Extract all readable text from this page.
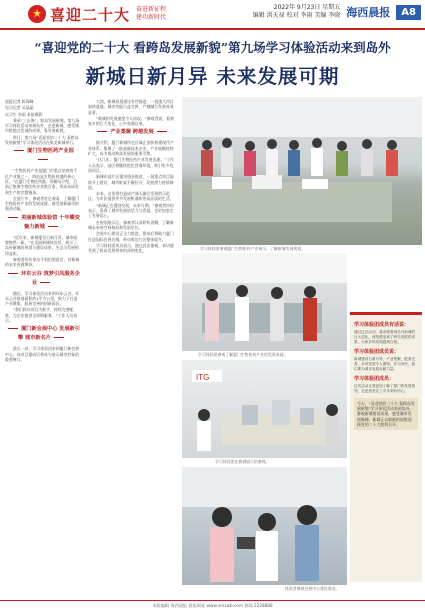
★ 喜迎二十大 奋进新征程
建功新时代
2022年 9月23日 星期五
编辑 洪天禄 校对 李雨 美编 李晓 海西晨报	A8
“喜迎党的二十大 看跨岛发展新貌”第九场学习体验活动来到岛外
新城日新月异 未来发展可期

晨报记者 陈海峰

见习记者 吴晶晶

实习生 李雨 本报摄影

秉承“三山海”，跨岛发展新貌。第九场学习体验活动来到岛外，走进新城，感受城市跨越式发展的成果，看发展新貌。

昨日，第九场“喜迎党的二十大 看跨岛发展新貌”学习体验活动在集美新城举行。

厦门生物医药产业园

“生物医药产业是厦门市重点培育的千亿产业链之一，海沧是生物医药港的核心区。”在厦门生物医药港，讲解员介绍，目前已集聚生物医药企业数百家，形成从研发到生产的完整链条。

在展厅中，参观者驻足观看，了解厦门生物医药产业的发展成就，感受创新驱动的强劲动能。

美丽新城体验馆 十年蝶变魅力新城

“近年来，新城建设日新月异，城市面貌焕然一新。”在美丽新城体验馆，展示了岛外新城的规划与建设成果，生态与发展相得益彰。

参观者纷纷拿出手机拍照留念，对新城的未来充满期待。

环东云谷 筑梦引凤服务企业

随后，学习体验活动来到环东云谷。环东云谷规划面积约1平方公里，致力于打造产业聚集、服务完善的创新园区。

“我们将以项目为抓手，持续完善配套，为企业提供全周期服务。”工作人员表示。

厦门新会展中心 发展新引擎 城市新名片

最后一站，学习体验团来到厦门新会展中心。该项目建成后将成为展示城市形象的重要窗口。

大湾。新城规划建设有序推进，一批重大项目加快落地，城市功能日益完善，产城融合发展成效显著。

“新城的发展速度令人惊叹。”参观者说，看到家乡的巨大变化，心中充满自豪。

产业集聚 跨越发展

据介绍，厦门新城所在区域正加快构建现代产业体系，集聚了一批高新技术企业，产业规模持续扩大，成为推动跨岛发展的重要引擎。

“这几年，厦门生物医药产业发展迅速。”工作人员表示，园区将继续优化营商环境，吸引更多优质项目。

新城东部片区建设稳步推进，一批重点项目陆续开工建设，城市框架不断拉开，发展潜力持续释放。

未来，这里将打造成产城人融合发展的示范区，为市民提供更多发展机遇和更高品质的生活。

“新城正在蓬勃发展，未来可期。”参观者纷纷表示，看到了城市发展的活力与希望，也更加坚定了发展信心。

在规划展示区，参观者认真聆听讲解，了解新城未来的空间格局和发展定位。

会展中心建设正全力推进，建成后将助力厦门打造国际会展名城，带动周边片区整体提升。

学习体验团成员表示，通过此次参观，真切感受到了跨岛发展带来的深刻变化。	学习体验团参观厦门生物医药产业展示，了解新城发展规划。
学习体验团参观了解厦门生物医药产业的发展成就。
ITG
学习体验团在新城展示馆参观。
体验者参观会展中心建设情况。
学习体验团成员有话说：
通过这次活动，我亲眼看到岛外新城的巨大变化，深刻感受到了跨岛发展的成果，为家乡的发展感到自豪。
学习体验团成员说：
新城建设日新月异，产业集聚，配套完善，未来发展令人期待。作为市民，我们要为城市发展贡献力量。
学习体验团成员：
这次活动让我更加了解了厦门的发展规划，也更加坚定了对未来的信心。
今天，“喜迎党的二十大 看跨岛发展新貌”学习体验活动来到岛外，参观新城建设成果，感受城市发展脉搏。新城正以崭新的面貌迎接党的二十大胜利召开。
本版编辑 海西晨报 晨报网址 www.xmzwb.com 热线 2228888
